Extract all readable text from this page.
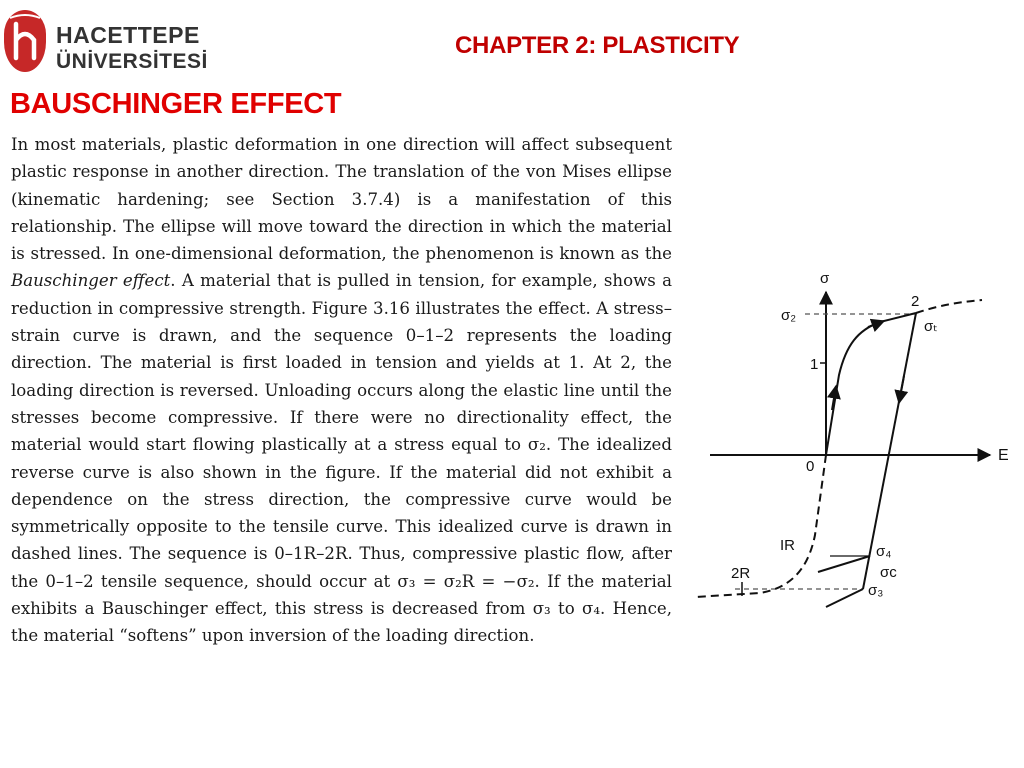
HACETTEPE
ÜNİVERSİTESİ
CHAPTER 2: PLASTICITY
BAUSCHINGER EFFECT

In most materials, plastic deformation in one direction will affect subsequent plastic response in another direction. The translation of the von Mises ellipse (kinematic hardening; see Section 3.7.4) is a manifestation of this relationship. The ellipse will move toward the direction in which the material is stressed. In one-dimensional deformation, the phenomenon is known as the Bauschinger effect. A material that is pulled in tension, for example, shows a reduction in compressive strength. Figure 3.16 illustrates the effect. A stress–strain curve is drawn, and the sequence 0–1–2 represents the loading direction. The material is first loaded in tension and yields at 1. At 2, the loading direction is reversed. Unloading occurs along the elastic line until the stresses become compressive. If there were no directionality effect, the material would start flowing plastically at a stress equal to σ₂. The idealized reverse curve is also shown in the figure. If the material did not exhibit a dependence on the stress direction, the compressive curve would be symmetrically opposite to the tensile curve. This idealized curve is drawn in dashed lines. The sequence is 0–1R–2R. Thus, compressive plastic flow, after the 0–1–2 tensile sequence, should occur at σ₃ = σ₂R = −σ₂. If the material exhibits a Bauschinger effect, this stress is decreased from σ₃ to σ₄. Hence, the material “softens” upon inversion of the loading direction.

σ
σ₂
2
σₜ
1
E
0
IR	σ₄
σc
2R
σ₃
